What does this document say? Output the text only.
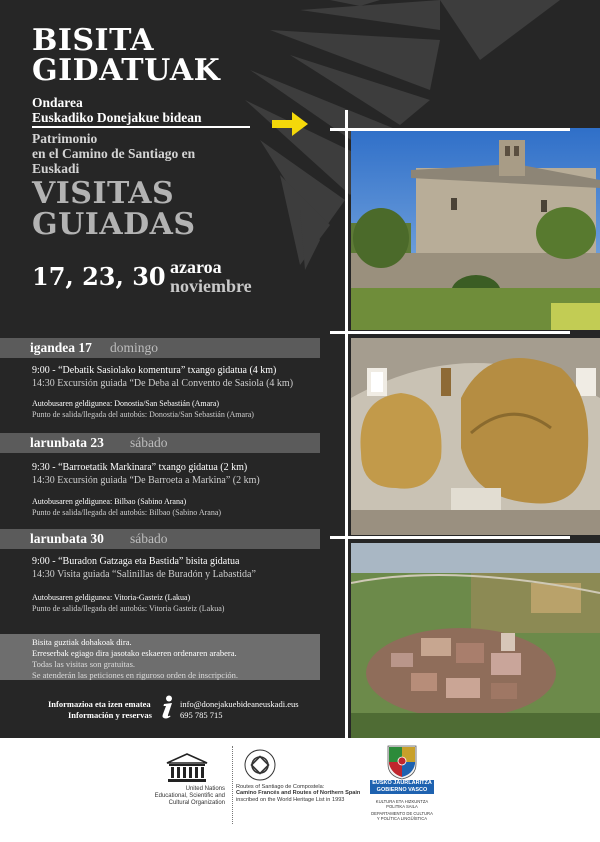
BISITA
GIDATUAK
Ondarea
Euskadiko Donejakue bidean
Patrimonio
en el Camino de Santiago en
Euskadi
VISITAS
GUIADAS
17, 23, 30 azaroa
noviembre
igandea 17 domingo
9:00 - “Debatik Sasiolako komentura” txango gidatua (4 km)
14:30 Excursión guiada “De Deba al Convento de Sasiola (4 km)
Autobusaren geldigunea: Donostia/San Sebastián (Amara)
Punto de salida/llegada del autobús: Donostia/San Sebastián (Amara)
larunbata 23 sábado
9:30 - “Barroetatik Markinara” txango gidatua (2 km)
14:30 Excursión guiada “De Barroeta a Markina” (2 km)
Autobusaren geldigunea: Bilbao (Sabino Arana)
Punto de salida/llegada del autobús: Bilbao (Sabino Arana)
larunbata 30 sábado
9:00 - “Buradon Gatzaga eta Bastida” bisita gidatua
14:30 Visita guiada “Salinillas de Buradón y Labastida”
Autobusaren geldigunea: Vitoria-Gasteiz (Lakua)
Punto de salida/llegada del autobús: Vitoria Gasteiz (Lakua)
Bisita guztiak dohakoak dira.
Erreserbak egiago dira jasotako eskaeren ordenaren arabera.
Todas las visitas son gratuitas.
Se atenderán las peticiones en riguroso orden de inscripción.
Informazioa eta izen ematea
Información y reservas
info@donejakuebideaneuskadi.eus
695 785 715
United Nations
Educational, Scientific and
Cultural Organization
Routes of Santiago de Compostela:
Camino Francés and Routes of Northern Spain
inscribed on the World Heritage List in 1993
EUSKO JAURLARITZA
GOBIERNO VASCO
KULTURA ETA HIZKUNTZA
POLITIKA SAILA
DEPARTAMENTO DE CULTURA
Y POLÍTICA LINGÜÍSTICA
